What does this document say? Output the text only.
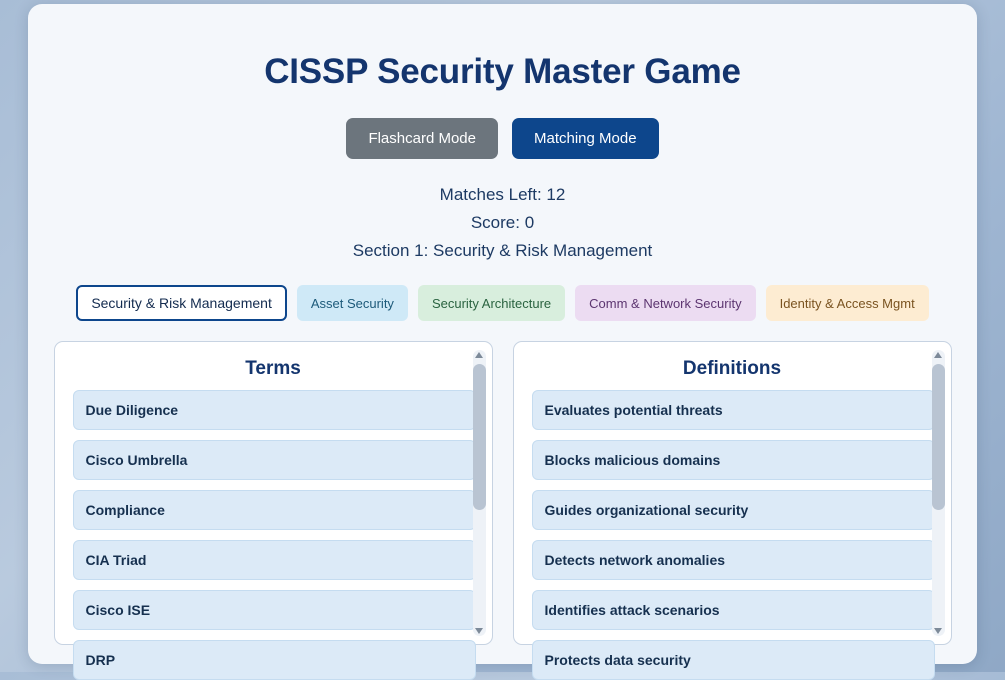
CISSP Security Master Game
Flashcard Mode	Matching Mode
Matches Left: 12
Score: 0
Section 1: Security & Risk Management
Security & Risk Management	Asset Security	Security Architecture	Comm & Network Security	Identity & Access Mgmt
Terms
Due Diligence
Cisco Umbrella
Compliance
CIA Triad
Cisco ISE
DRP
Definitions
Evaluates potential threats
Blocks malicious domains
Guides organizational security
Detects network anomalies
Identifies attack scenarios
Protects data security
